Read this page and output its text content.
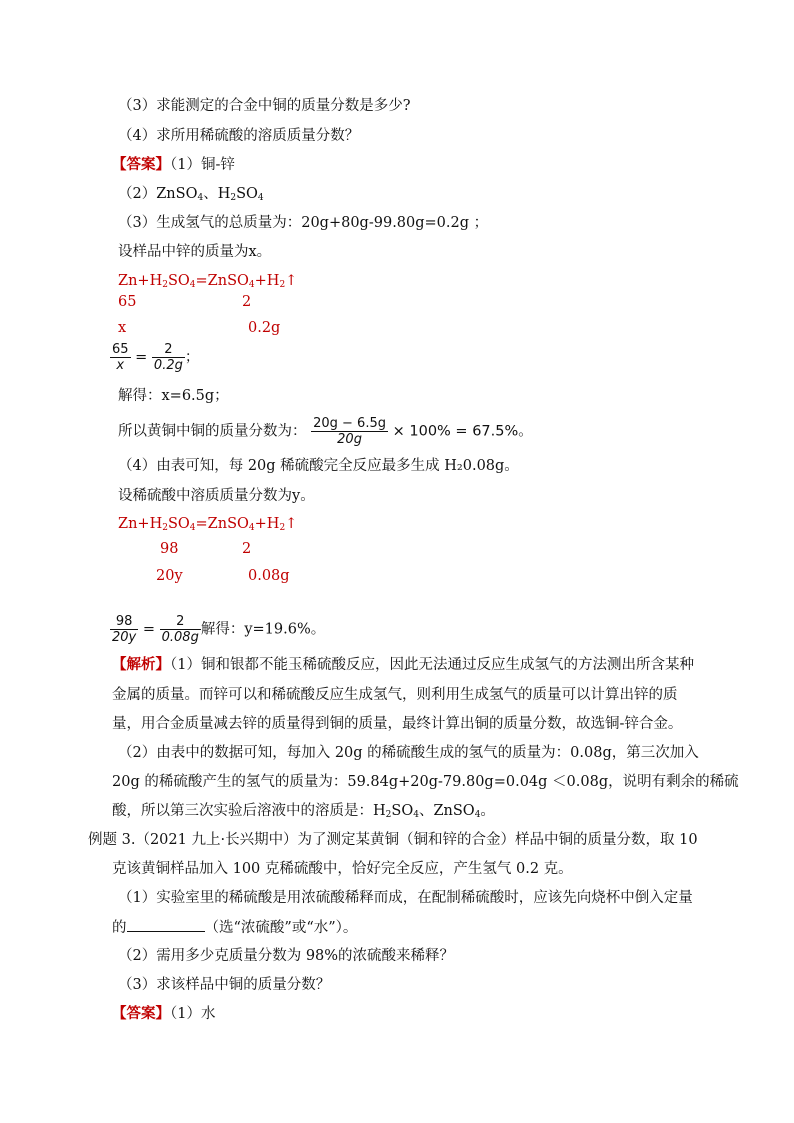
（3）求能测定的合金中铜的质量分数是多少?
（4）求所用稀硫酸的溶质质量分数？
【答案】（1）铜-锌
（2）ZnSO$_4$、$H_2SO_4$
（3）生成氢气的总质量为：20g+80g-99.80g=0.2g ；
设样品中锌的质量为x。
$Zn+H_2SO_4=ZnSO_4+H_2↑$
65	2
x	0.2g
$\frac{65}{x} = \frac{2}{0.2g}$ ；
解得：x=6.5g；
所以黄铜中铜的质量分数为： $\frac{20g - 6.5g}{20g} \times 100\% = 67.5\%$。
（4）由表可知，每 20g 稀硫酸完全反应最多生成 H₂0.08g。
设稀硫酸中溶质质量分数为y。
$Zn+H_2SO_4=ZnSO_4+H_2↑$
98	2
20y	0.08g
$\frac{98}{20y} = \frac{2}{0.08g}$ 解得：y=19.6%。
【解析】（1）铜和银都不能玉稀硫酸反应，因此无法通过反应生成氢气的方法测出所含某种
金属的质量。而锌可以和稀硫酸反应生成氢气，则利用生成氢气的质量可以计算出锌的质
量，用合金质量减去锌的质量得到铜的质量，最终计算出铜的质量分数，故选铜-锌合金。
（2）由表中的数据可知，每加入 20g 的稀硫酸生成的氢气的质量为：0.08g，第三次加入
20g 的稀硫酸产生的氢气的质量为：59.84g+20g-79.80g=0.04g ＜0.08g，说明有剩余的稀硫
酸，所以第三次实验后溶液中的溶质是：$H_2SO_4$、ZnSO$_4$。
例题 3.（2021 九上·长兴期中）为了测定某黄铜（铜和锌的合金）样品中铜的质量分数，取 10
克该黄铜样品加入 100 克稀硫酸中，恰好完全反应，产生氢气 0.2 克。
（1）实验室里的稀硫酸是用浓硫酸稀释而成，在配制稀硫酸时，应该先向烧杯中倒入定量
的	（选“浓硫酸”或“水”）。
（2）需用多少克质量分数为 98%的浓硫酸来稀释？
（3）求该样品中铜的质量分数？
【答案】（1）水
